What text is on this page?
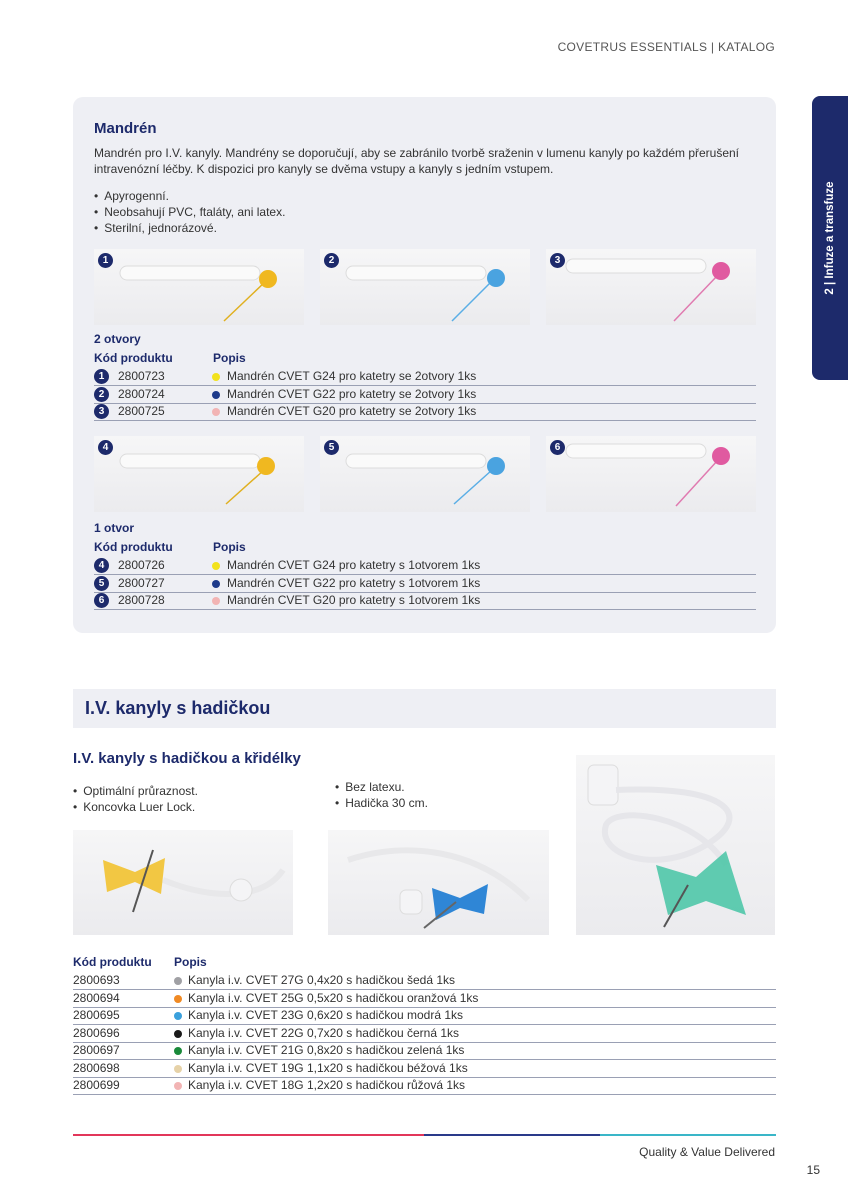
COVETRUS ESSENTIALS | KATALOG
2 | Infuze a transfuze
Mandrén
Mandrén pro I.V. kanyly. Mandrény se doporučují, aby se zabránilo tvorbě sraženin v lumenu kanyly po každém přerušení intravenózní léčby. K dispozici pro kanyly se dvěma vstupy a kanyly s jedním vstupem.
• Apyrogenní.
• Neobsahují PVC, ftaláty, ani latex.
• Sterilní, jednorázové.
1	2	3
2 otvory
Kód produktu	Popis
1	2800723	Mandrén CVET G24 pro katetry se 2otvory 1ks
2	2800724	Mandrén CVET G22 pro katetry se 2otvory 1ks
3	2800725	Mandrén CVET G20 pro katetry se 2otvory 1ks
4	5	6
1 otvor
Kód produktu	Popis
4	2800726	Mandrén CVET G24 pro katetry s 1otvorem 1ks
5	2800727	Mandrén CVET G22 pro katetry s 1otvorem 1ks
6	2800728	Mandrén CVET G20 pro katetry s 1otvorem 1ks
I.V. kanyly s hadičkou
I.V. kanyly s hadičkou a křidélky
• Optimální průraznost.
• Koncovka Luer Lock.
• Bez latexu.
• Hadička 30 cm.
Kód produktu Popis
2800693	Kanyla i.v. CVET 27G 0,4x20 s hadičkou šedá 1ks
2800694	Kanyla i.v. CVET 25G 0,5x20 s hadičkou oranžová 1ks
2800695	Kanyla i.v. CVET 23G 0,6x20 s hadičkou modrá 1ks
2800696	Kanyla i.v. CVET 22G 0,7x20 s hadičkou černá 1ks
2800697	Kanyla i.v. CVET 21G 0,8x20 s hadičkou zelená 1ks
2800698	Kanyla i.v. CVET 19G 1,1x20 s hadičkou béžová 1ks
2800699	Kanyla i.v. CVET 18G 1,2x20 s hadičkou růžová 1ks
Quality & Value Delivered
15
